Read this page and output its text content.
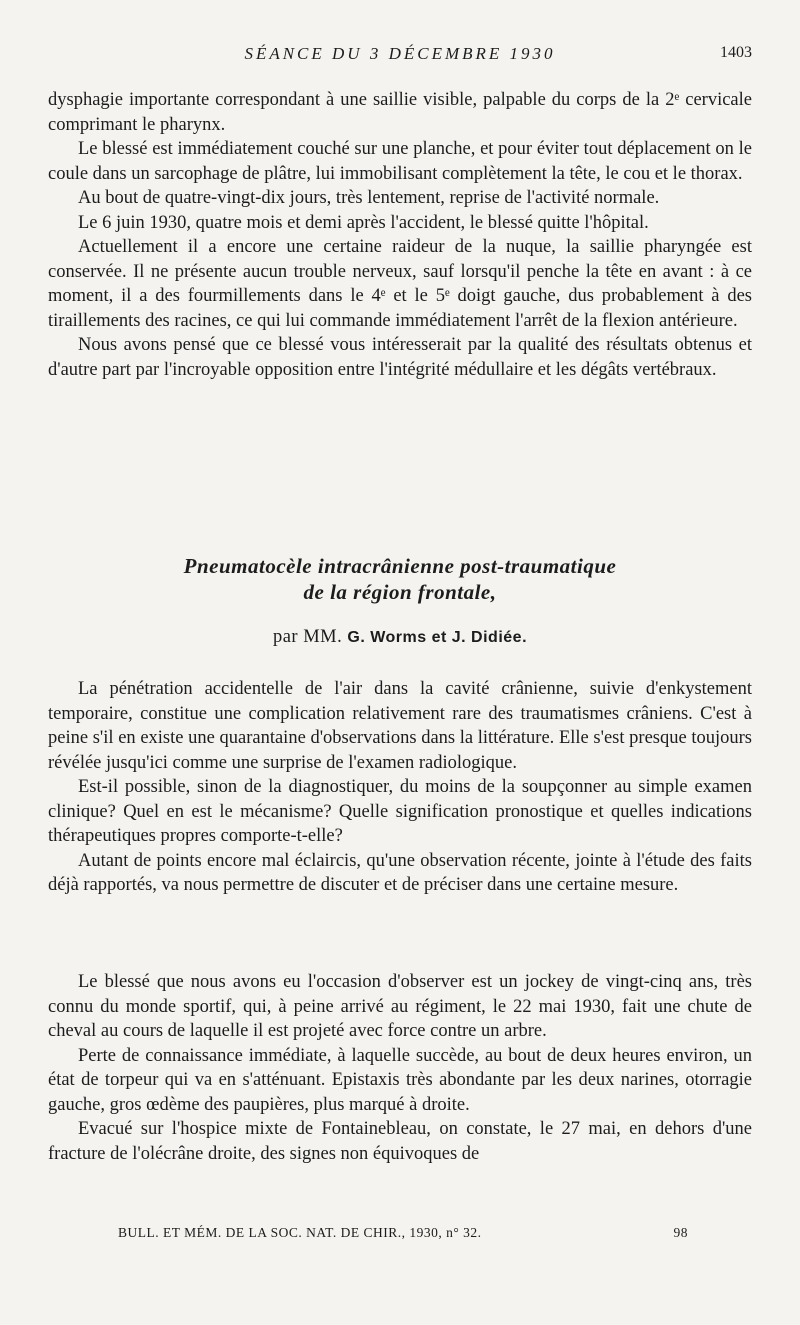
SÉANCE DU 3 DÉCEMBRE 1930	1403

dysphagie importante correspondant à une saillie visible, palpable du corps de la 2ᵉ cervicale comprimant le pharynx.

Le blessé est immédiatement couché sur une planche, et pour éviter tout déplacement on le coule dans un sarcophage de plâtre, lui immobilisant complètement la tête, le cou et le thorax.

Au bout de quatre-vingt-dix jours, très lentement, reprise de l'activité normale.

Le 6 juin 1930, quatre mois et demi après l'accident, le blessé quitte l'hôpital.

Actuellement il a encore une certaine raideur de la nuque, la saillie pharyngée est conservée. Il ne présente aucun trouble nerveux, sauf lorsqu'il penche la tête en avant : à ce moment, il a des fourmillements dans le 4ᵉ et le 5ᵉ doigt gauche, dus probablement à des tiraillements des racines, ce qui lui commande immédiatement l'arrêt de la flexion antérieure.

Nous avons pensé que ce blessé vous intéresserait par la qualité des résultats obtenus et d'autre part par l'incroyable opposition entre l'intégrité médullaire et les dégâts vertébraux.

Pneumatocèle intracrânienne post-traumatique
de la région frontale,
par MM. G. Worms et J. Didiée.

La pénétration accidentelle de l'air dans la cavité crânienne, suivie d'enkystement temporaire, constitue une complication relativement rare des traumatismes crâniens. C'est à peine s'il en existe une quarantaine d'observations dans la littérature. Elle s'est presque toujours révélée jusqu'ici comme une surprise de l'examen radiologique.

Est-il possible, sinon de la diagnostiquer, du moins de la soupçonner au simple examen clinique? Quel en est le mécanisme? Quelle signification pronostique et quelles indications thérapeutiques propres comporte-t-elle?

Autant de points encore mal éclaircis, qu'une observation récente, jointe à l'étude des faits déjà rapportés, va nous permettre de discuter et de préciser dans une certaine mesure.

Le blessé que nous avons eu l'occasion d'observer est un jockey de vingt-cinq ans, très connu du monde sportif, qui, à peine arrivé au régiment, le 22 mai 1930, fait une chute de cheval au cours de laquelle il est projeté avec force contre un arbre.

Perte de connaissance immédiate, à laquelle succède, au bout de deux heures environ, un état de torpeur qui va en s'atténuant. Epistaxis très abondante par les deux narines, otorragie gauche, gros œdème des paupières, plus marqué à droite.

Evacué sur l'hospice mixte de Fontainebleau, on constate, le 27 mai, en dehors d'une fracture de l'olécrâne droite, des signes non équivoques de

BULL. ET MÉM. DE LA SOC. NAT. DE CHIR., 1930, n° 32.	98
